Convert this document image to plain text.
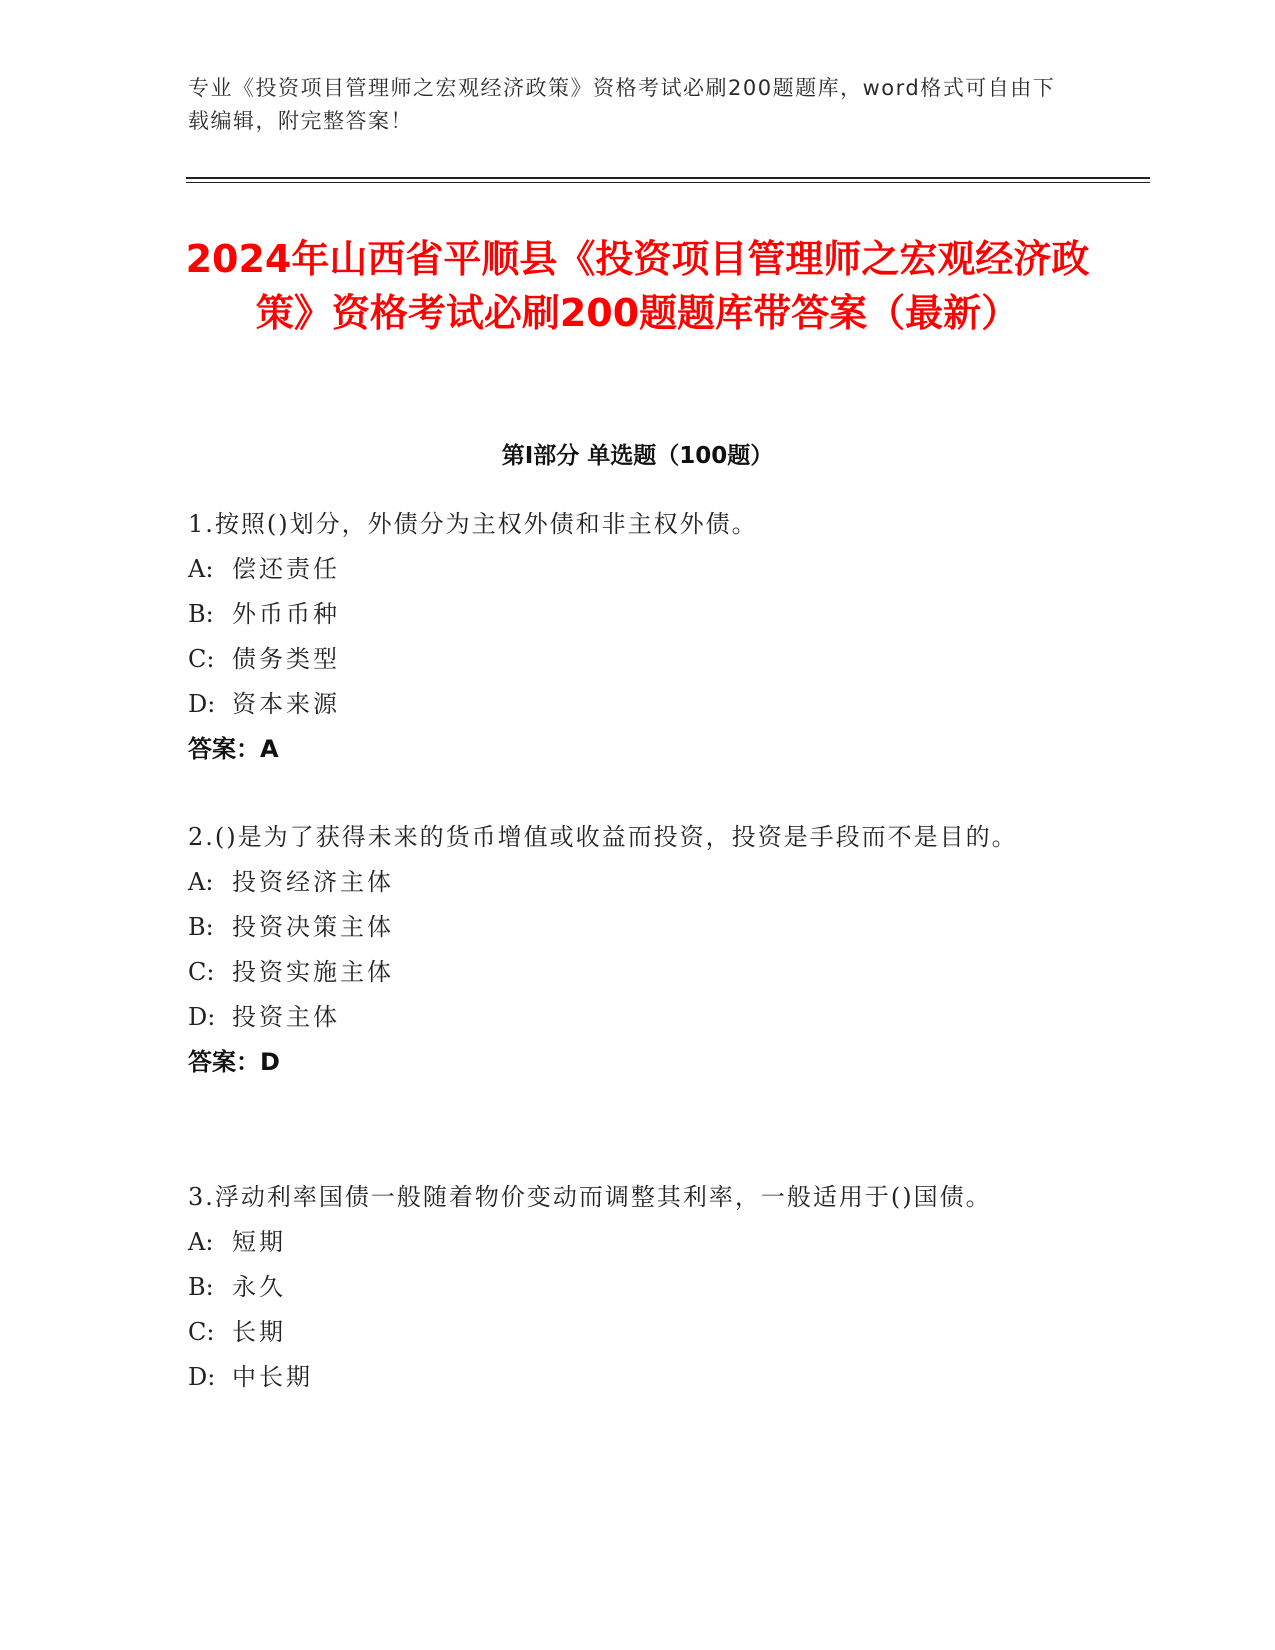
专业《投资项目管理师之宏观经济政策》资格考试必刷200题题库，word格式可自由下载编辑，附完整答案！
2024年山西省平顺县《投资项目管理师之宏观经济政策》资格考试必刷200题题库带答案（最新）
第Ⅰ部分 单选题（100题）

1.按照()划分，外债分为主权外债和非主权外债。

A: 偿还责任

B: 外币币种

C: 债务类型

D: 资本来源

答案：A

2.()是为了获得未来的货币增值或收益而投资，投资是手段而不是目的。

A: 投资经济主体

B: 投资决策主体

C: 投资实施主体

D: 投资主体

答案：D

3.浮动利率国债一般随着物价变动而调整其利率，一般适用于()国债。

A: 短期

B: 永久

C: 长期

D: 中长期
